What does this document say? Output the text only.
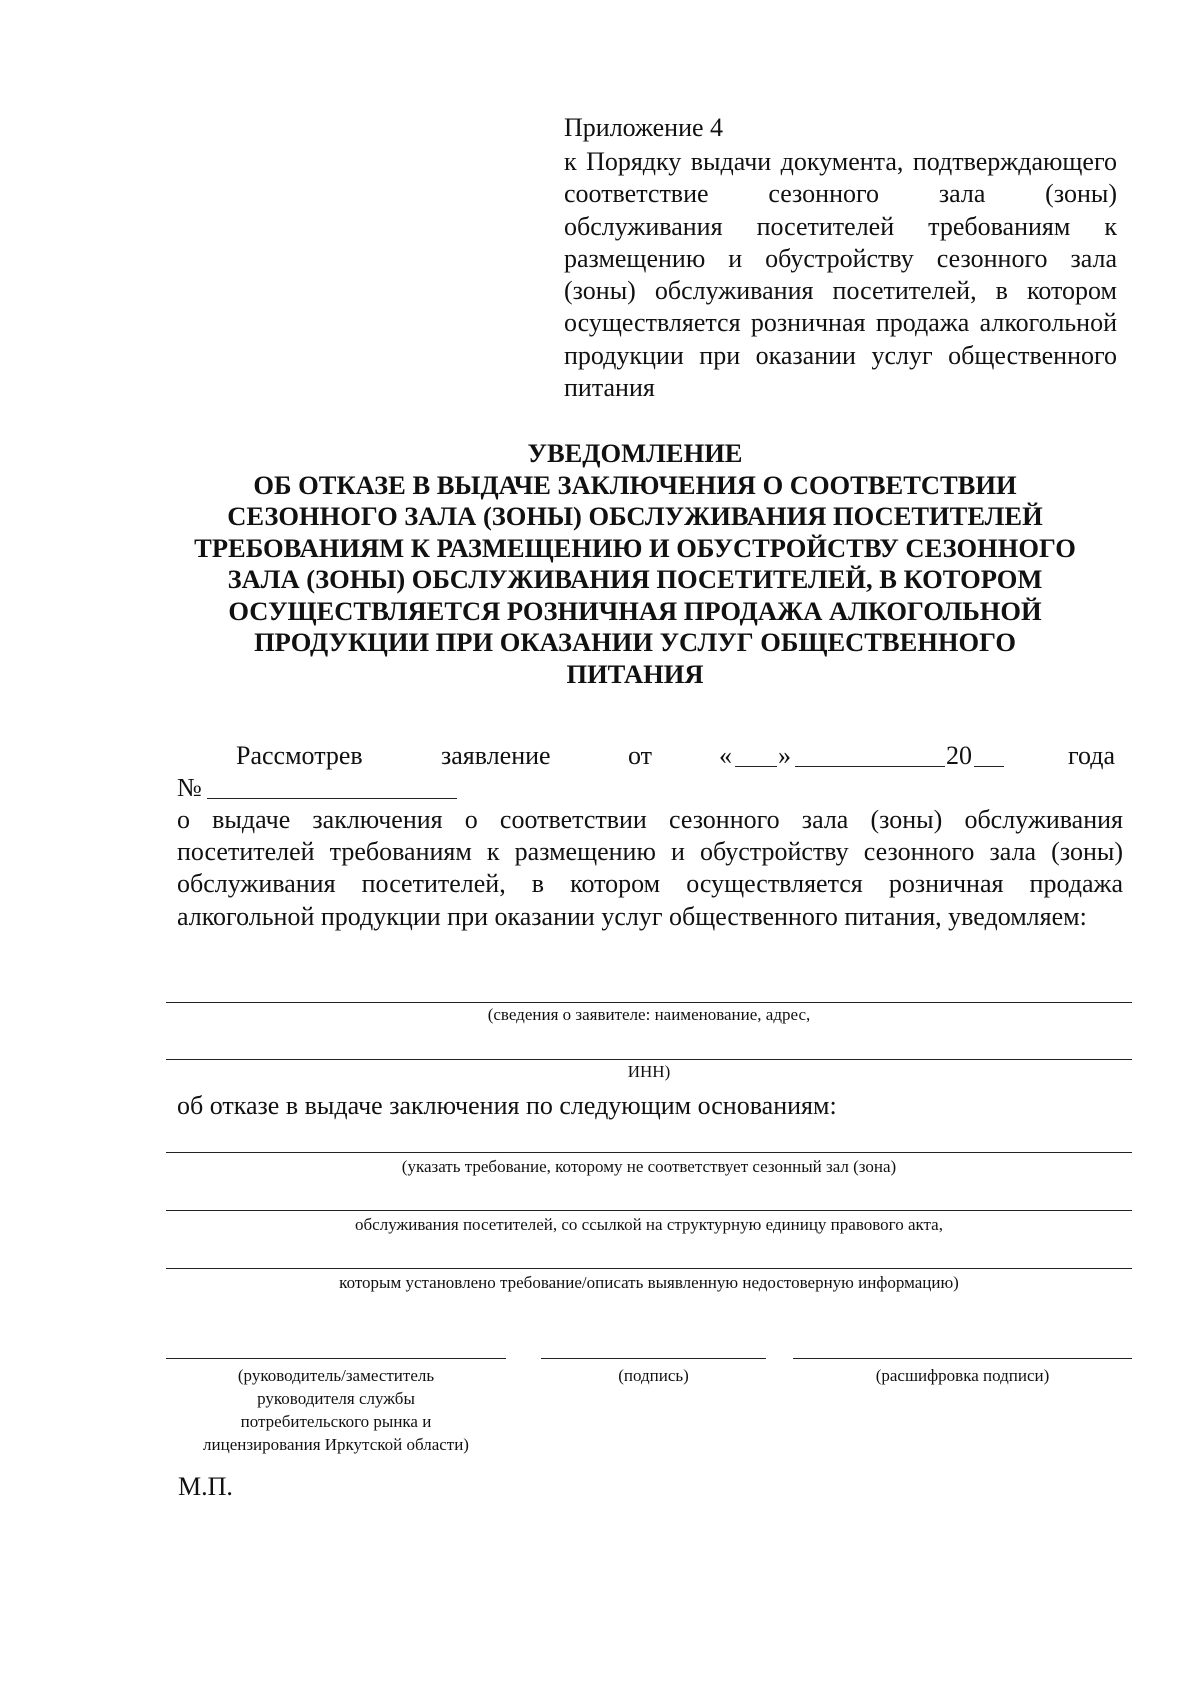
Приложение 4
к Порядку выдачи документа, подтверждающего соответствие сезонного зала (зоны) обслуживания посетителей требованиям к размещению и обустройству сезонного зала (зоны) обслуживания посетителей, в котором осуществляется розничная продажа алкогольной продукции при оказании услуг общественного питания
УВЕДОМЛЕНИЕ
ОБ ОТКАЗЕ В ВЫДАЧЕ ЗАКЛЮЧЕНИЯ О СООТВЕТСТВИИ
СЕЗОННОГО ЗАЛА (ЗОНЫ) ОБСЛУЖИВАНИЯ ПОСЕТИТЕЛЕЙ
ТРЕБОВАНИЯМ К РАЗМЕЩЕНИЮ И ОБУСТРОЙСТВУ СЕЗОННОГО
ЗАЛА (ЗОНЫ) ОБСЛУЖИВАНИЯ ПОСЕТИТЕЛЕЙ, В КОТОРОМ
ОСУЩЕСТВЛЯЕТСЯ РОЗНИЧНАЯ ПРОДАЖА АЛКОГОЛЬНОЙ
ПРОДУКЦИИ ПРИ ОКАЗАНИИ УСЛУГ ОБЩЕСТВЕННОГО
ПИТАНИЯ
Рассмотрев	заявление	от	« »	20	года
№
о выдаче заключения о соответствии сезонного зала (зоны) обслуживания посетителей требованиям к размещению и обустройству сезонного зала (зоны) обслуживания посетителей, в котором осуществляется розничная продажа алкогольной продукции при оказании услуг общественного питания, уведомляем:
(сведения о заявителе: наименование, адрес,
ИНН)
об отказе в выдаче заключения по следующим основаниям:
(указать требование, которому не соответствует сезонный зал (зона)
обслуживания посетителей, со ссылкой на структурную единицу правового акта,
которым установлено требование/описать выявленную недостоверную информацию)
(руководитель/заместитель
руководителя службы
потребительского рынка и
лицензирования Иркутской области)
(подпись)	(расшифровка подписи)
М.П.
